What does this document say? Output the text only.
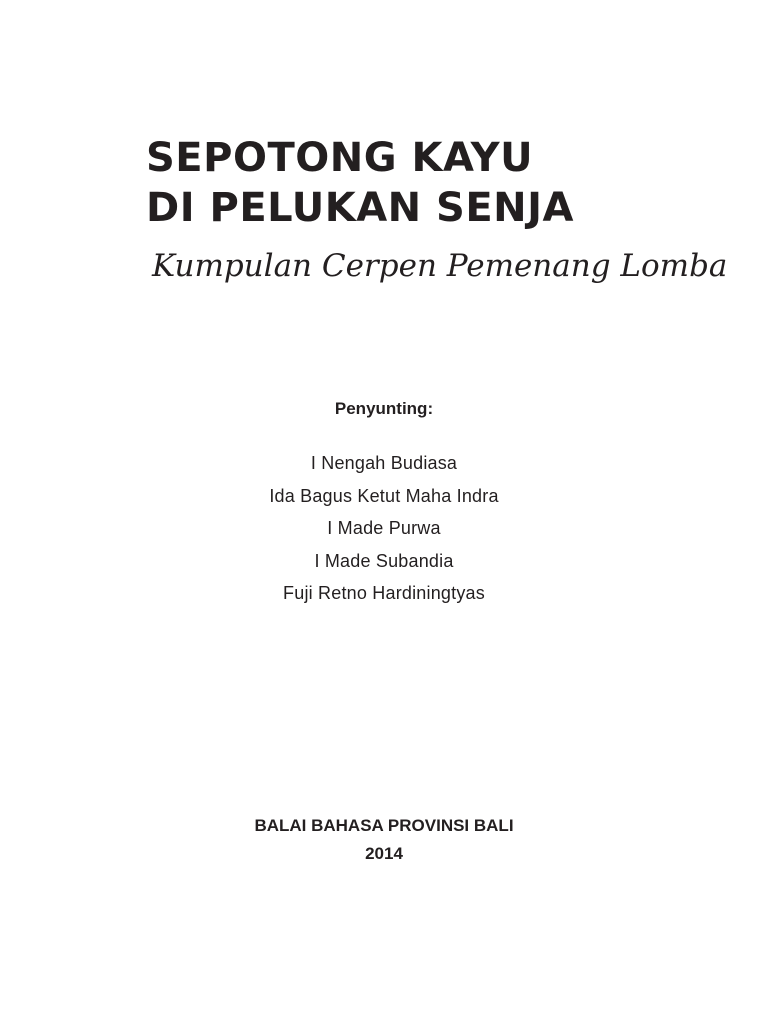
SEPOTONG KAYU
DI PELUKAN SENJA

Kumpulan Cerpen Pemenang Lomba

Penyunting:
I Nengah Budiasa
Ida Bagus Ketut Maha Indra
I Made Purwa
I Made Subandia
Fuji Retno Hardiningtyas
BALAI BAHASA PROVINSI BALI
2014
